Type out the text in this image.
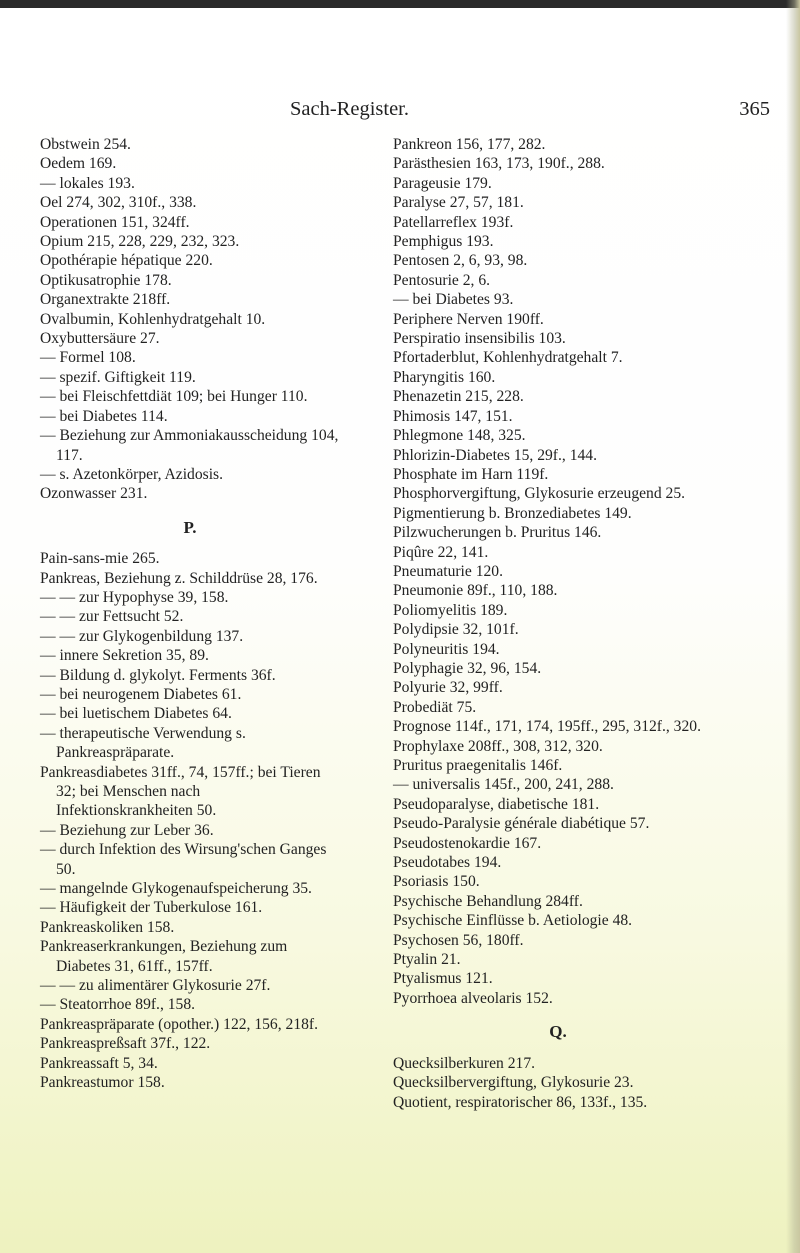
Sach-Register.	365
Obstwein 254.
Oedem 169.
— lokales 193.
Oel 274, 302, 310f., 338.
Operationen 151, 324ff.
Opium 215, 228, 229, 232, 323.
Opothérapie hépatique 220.
Optikusatrophie 178.
Organextrakte 218ff.
Ovalbumin, Kohlenhydratgehalt 10.
Oxybuttersäure 27.
— Formel 108.
— spezif. Giftigkeit 119.
— bei Fleischfettdiät 109; bei Hunger 110.
— bei Diabetes 114.
— Beziehung zur Ammoniakausscheidung 104, 117.
— s. Azetonkörper, Azidosis.
Ozonwasser 231.
P.
Pain-sans-mie 265.
Pankreas, Beziehung z. Schilddrüse 28, 176.
— — zur Hypophyse 39, 158.
— — zur Fettsucht 52.
— — zur Glykogenbildung 137.
— innere Sekretion 35, 89.
— Bildung d. glykolyt. Ferments 36f.
— bei neurogenem Diabetes 61.
— bei luetischem Diabetes 64.
— therapeutische Verwendung s. Pankreaspräparate.
Pankreasdiabetes 31ff., 74, 157ff.; bei Tieren 32; bei Menschen nach Infektionskrankheiten 50.
— Beziehung zur Leber 36.
— durch Infektion des Wirsung'schen Ganges 50.
— mangelnde Glykogenaufspeicherung 35.
— Häufigkeit der Tuberkulose 161.
Pankreaskoliken 158.
Pankreaserkrankungen, Beziehung zum Diabetes 31, 61ff., 157ff.
— — zu alimentärer Glykosurie 27f.
— Steatorrhoe 89f., 158.
Pankreaspräparate (opother.) 122, 156, 218f.
Pankreaspreßsaft 37f., 122.
Pankreassaft 5, 34.
Pankreastumor 158.
Pankreon 156, 177, 282.
Parästhesien 163, 173, 190f., 288.
Parageusie 179.
Paralyse 27, 57, 181.
Patellarreflex 193f.
Pemphigus 193.
Pentosen 2, 6, 93, 98.
Pentosurie 2, 6.
— bei Diabetes 93.
Periphere Nerven 190ff.
Perspiratio insensibilis 103.
Pfortaderblut, Kohlenhydratgehalt 7.
Pharyngitis 160.
Phenazetin 215, 228.
Phimosis 147, 151.
Phlegmone 148, 325.
Phlorizin-Diabetes 15, 29f., 144.
Phosphate im Harn 119f.
Phosphorvergiftung, Glykosurie erzeugend 25.
Pigmentierung b. Bronzediabetes 149.
Pilzwucherungen b. Pruritus 146.
Piqûre 22, 141.
Pneumaturie 120.
Pneumonie 89f., 110, 188.
Poliomyelitis 189.
Polydipsie 32, 101f.
Polyneuritis 194.
Polyphagie 32, 96, 154.
Polyurie 32, 99ff.
Probediät 75.
Prognose 114f., 171, 174, 195ff., 295, 312f., 320.
Prophylaxe 208ff., 308, 312, 320.
Pruritus praegenitalis 146f.
— universalis 145f., 200, 241, 288.
Pseudoparalyse, diabetische 181.
Pseudo-Paralysie générale diabétique 57.
Pseudostenokardie 167.
Pseudotabes 194.
Psoriasis 150.
Psychische Behandlung 284ff.
Psychische Einflüsse b. Aetiologie 48.
Psychosen 56, 180ff.
Ptyalin 21.
Ptyalismus 121.
Pyorrhoea alveolaris 152.
Q.
Quecksilberkuren 217.
Quecksilbervergiftung, Glykosurie 23.
Quotient, respiratorischer 86, 133f., 135.
